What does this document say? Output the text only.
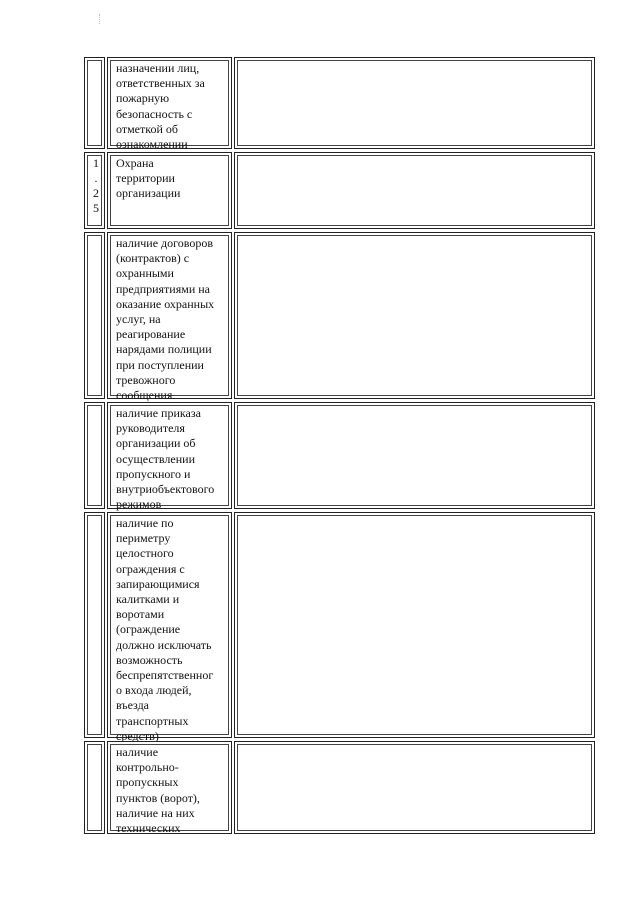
назначении лиц,
ответственных за
пожарную
безопасность с
отметкой об
ознакомлении
1
.
2
5
Охрана
территории
организации
наличие договоров
(контрактов) с
охранными
предприятиями на
оказание охранных
услуг, на
реагирование
нарядами полиции
при поступлении
тревожного
сообщения
наличие приказа
руководителя
организации об
осуществлении
пропускного и
внутриобъектового
режимов
наличие по
периметру
целостного
ограждения с
запирающимися
калитками и
воротами
(ограждение
должно исключать
возможность
беспрепятственног
о входа людей,
въезда
транспортных
средств)
наличие
контрольно-
пропускных
пунктов (ворот),
наличие на них
технических
